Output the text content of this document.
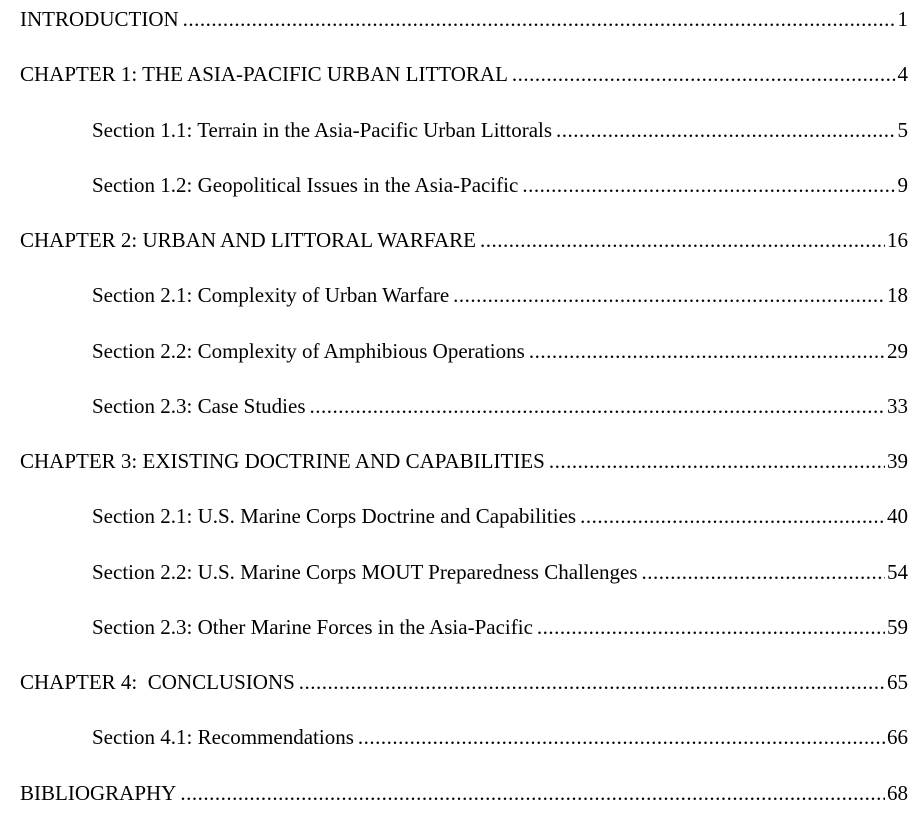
INTRODUCTION .....	1
CHAPTER 1: THE ASIA-PACIFIC URBAN LITTORAL .....	4
Section 1.1: Terrain in the Asia-Pacific Urban Littorals .....	5
Section 1.2: Geopolitical Issues in the Asia-Pacific .....	9
CHAPTER 2: URBAN AND LITTORAL WARFARE .....	16
Section 2.1: Complexity of Urban Warfare .....	18
Section 2.2: Complexity of Amphibious Operations .....	29
Section 2.3: Case Studies .....	33
CHAPTER 3: EXISTING DOCTRINE AND CAPABILITIES .....	39
Section 2.1: U.S. Marine Corps Doctrine and Capabilities .....	40
Section 2.2: U.S. Marine Corps MOUT Preparedness Challenges .....	54
Section 2.3: Other Marine Forces in the Asia-Pacific .....	59
CHAPTER 4:  CONCLUSIONS .....	65
Section 4.1: Recommendations .....	66
BIBLIOGRAPHY .....	68
